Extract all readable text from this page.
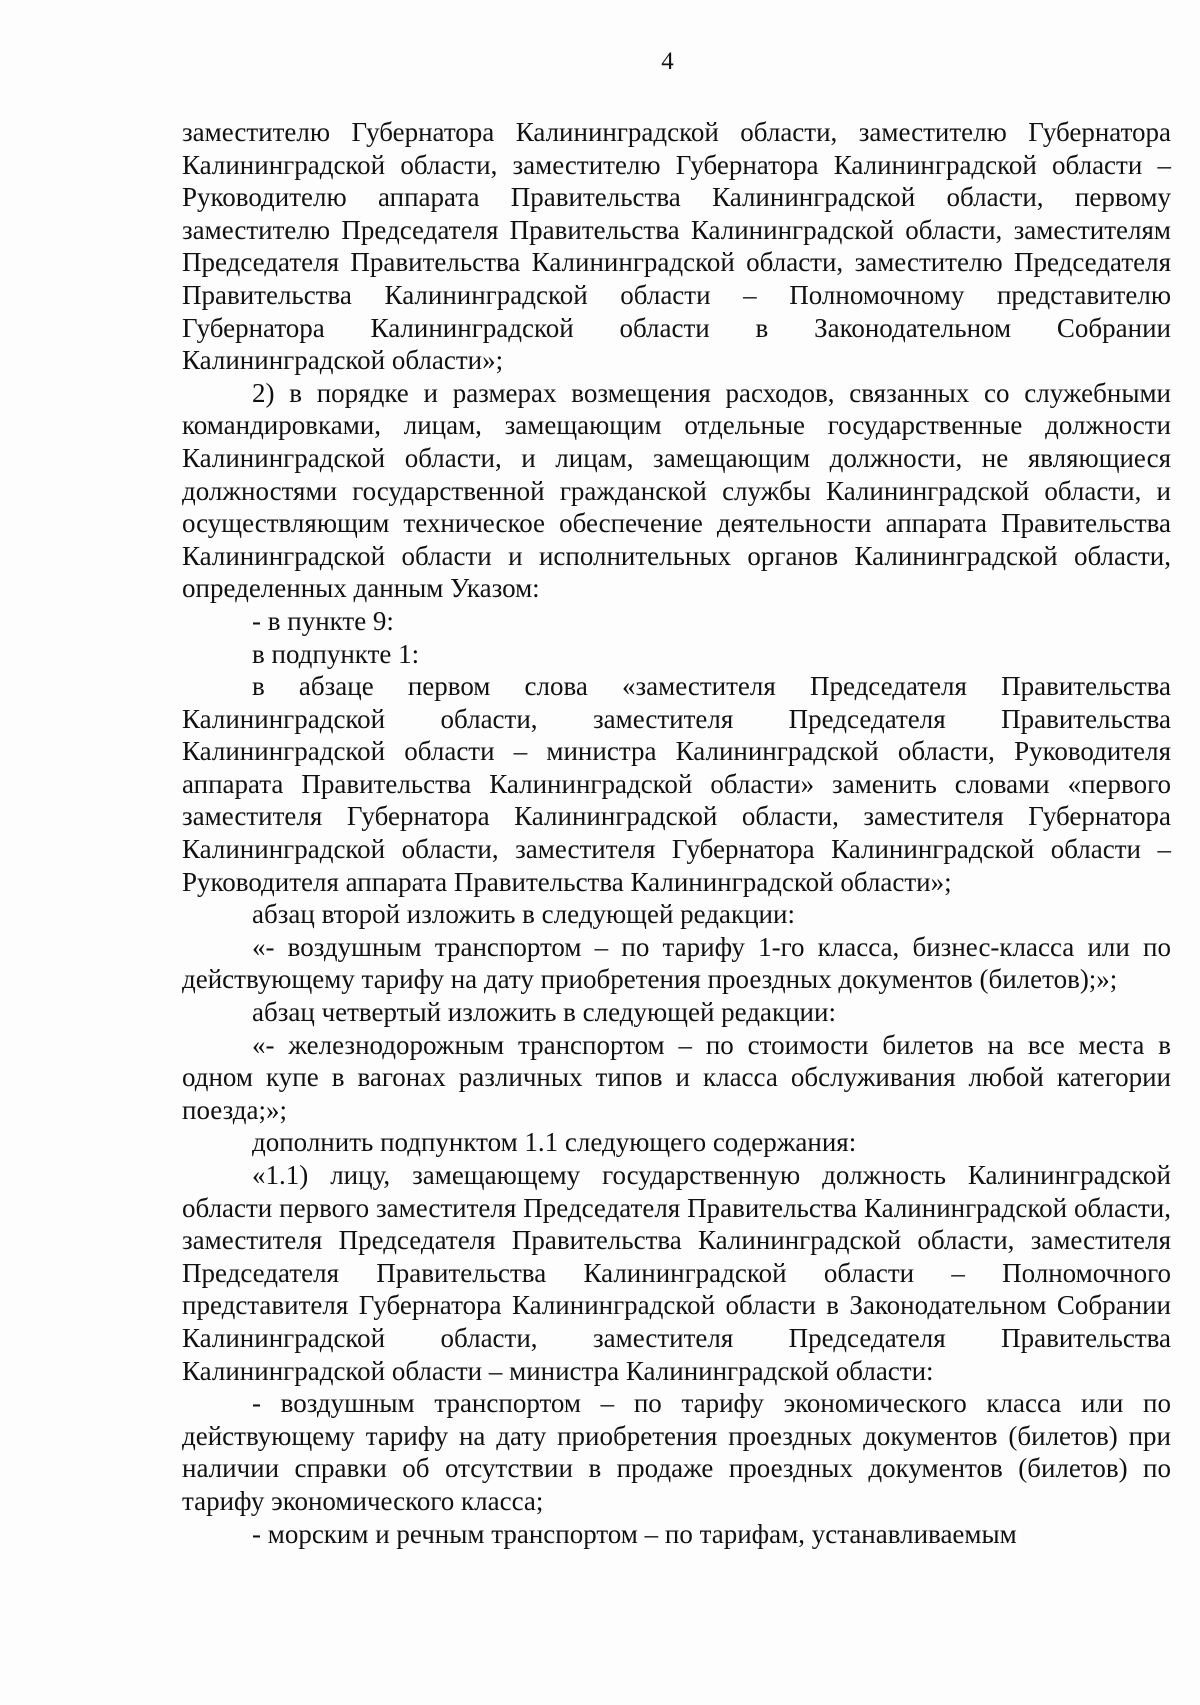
4

заместителю Губернатора Калининградской области, заместителю Губернатора Калининградской области, заместителю Губернатора Калининградской области – Руководителю аппарата Правительства Калининградской области, первому заместителю Председателя Правительства Калининградской области, заместителям Председателя Правительства Калининградской области, заместителю Председателя Правительства Калининградской области – Полномочному представителю Губернатора Калининградской области в Законодательном Собрании Калининградской области»;

2) в порядке и размерах возмещения расходов, связанных со служебными командировками, лицам, замещающим отдельные государственные должности Калининградской области, и лицам, замещающим должности, не являющиеся должностями государственной гражданской службы Калининградской области, и осуществляющим техническое обеспечение деятельности аппарата Правительства Калининградской области и исполнительных органов Калининградской области, определенных данным Указом:

- в пункте 9:

в подпункте 1:

в абзаце первом слова «заместителя Председателя Правительства Калининградской области, заместителя Председателя Правительства Калининградской области – министра Калининградской области, Руководителя аппарата Правительства Калининградской области» заменить словами «первого заместителя Губернатора Калининградской области, заместителя Губернатора Калининградской области, заместителя Губернатора Калининградской области – Руководителя аппарата Правительства Калининградской области»;

абзац второй изложить в следующей редакции:

«- воздушным транспортом – по тарифу 1-го класса, бизнес-класса или по действующему тарифу на дату приобретения проездных документов (билетов);»;

абзац четвертый изложить в следующей редакции:

«- железнодорожным транспортом – по стоимости билетов на все места в одном купе в вагонах различных типов и класса обслуживания любой категории поезда;»;

дополнить подпунктом 1.1 следующего содержания:

«1.1) лицу, замещающему государственную должность Калининградской области первого заместителя Председателя Правительства Калининградской области, заместителя Председателя Правительства Калининградской области, заместителя Председателя Правительства Калининградской области – Полномочного представителя Губернатора Калининградской области в Законодательном Собрании Калининградской области, заместителя Председателя Правительства Калининградской области – министра Калининградской области:

- воздушным транспортом – по тарифу экономического класса или по действующему тарифу на дату приобретения проездных документов (билетов) при наличии справки об отсутствии в продаже проездных документов (билетов) по тарифу экономического класса;

- морским и речным транспортом – по тарифам, устанавливаемым
